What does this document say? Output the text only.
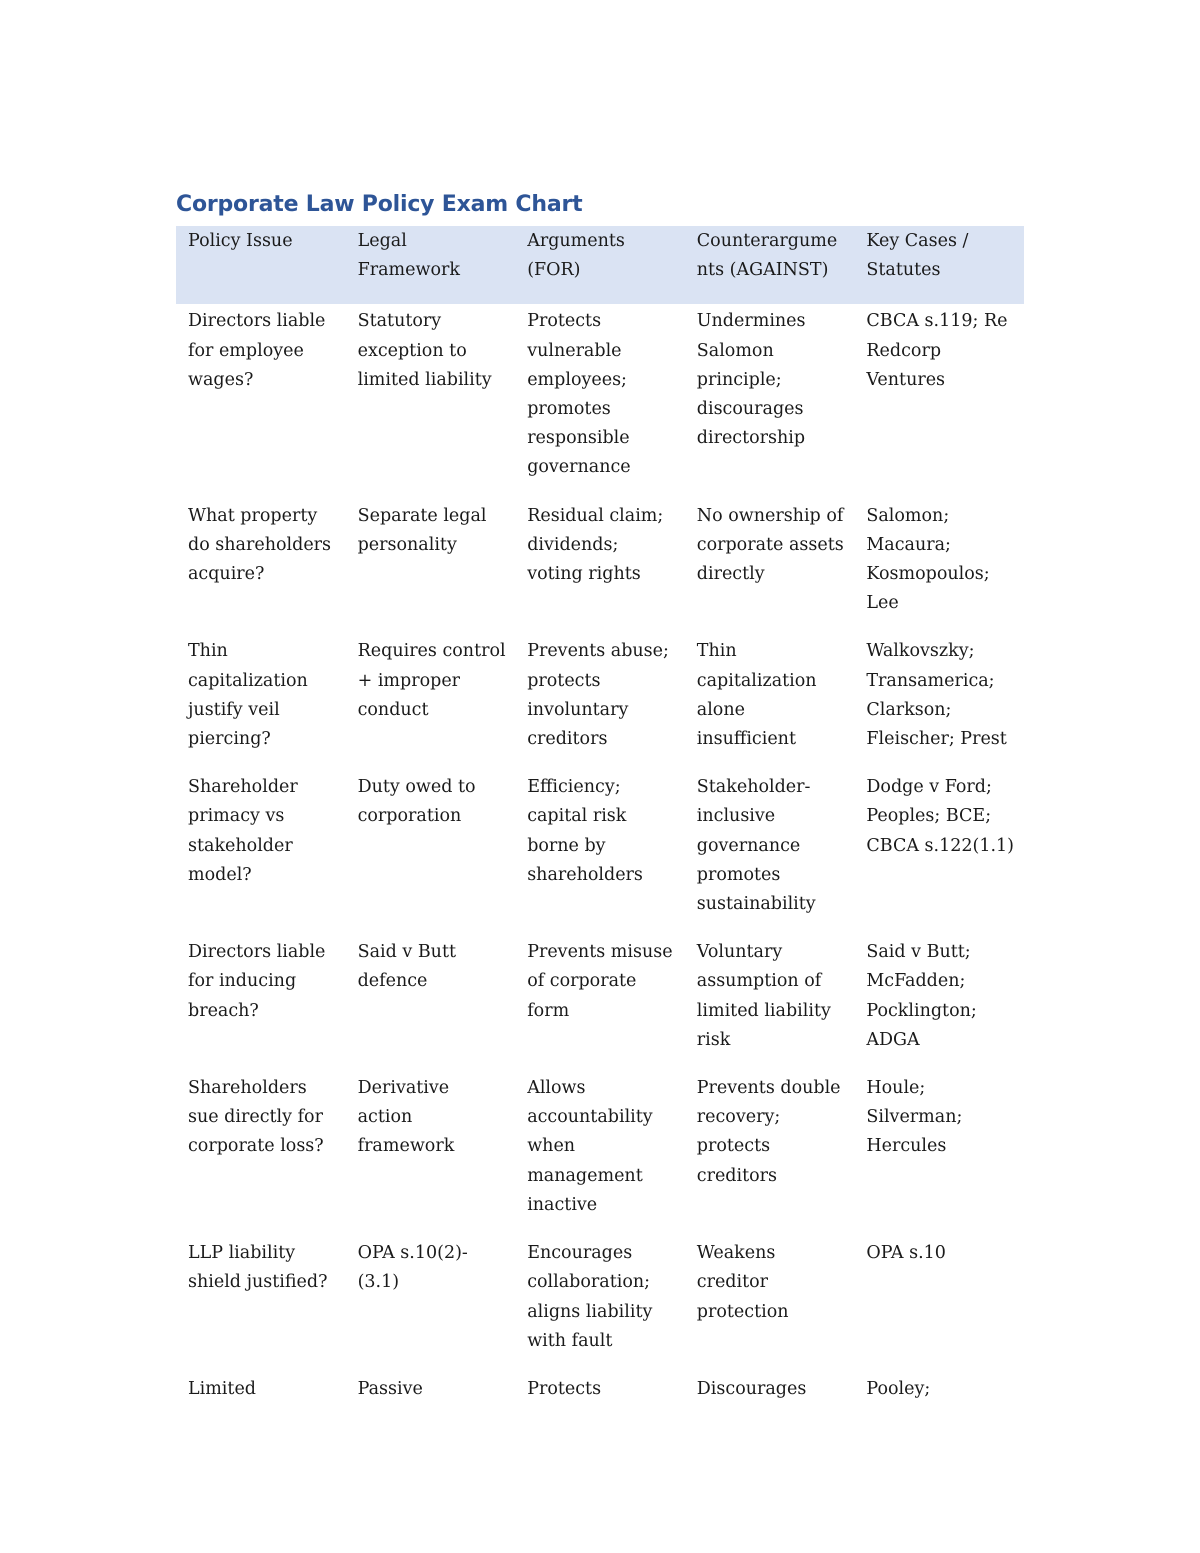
Corporate Law Policy Exam Chart
Policy Issue	Legal Framework	Arguments (FOR)	Counterarguments (AGAINST)	Key Cases / Statutes
Directors liable for employee wages?	Statutory exception to limited liability	Protects vulnerable employees; promotes responsible governance	Undermines Salomon principle; discourages directorship	CBCA s.119; Re Redcorp Ventures
What property do shareholders acquire?	Separate legal personality	Residual claim; dividends; voting rights	No ownership of corporate assets directly	Salomon; Macaura; Kosmopoulos; Lee
Thin capitalization justify veil piercing?	Requires control + improper conduct	Prevents abuse; protects involuntary creditors	Thin capitalization alone insufficient	Walkovszky; Transamerica; Clarkson; Fleischer; Prest
Shareholder primacy vs stakeholder model?	Duty owed to corporation	Efficiency; capital risk borne by shareholders	Stakeholder-inclusive governance promotes sustainability	Dodge v Ford; Peoples; BCE; CBCA s.122(1.1)
Directors liable for inducing breach?	Said v Butt defence	Prevents misuse of corporate form	Voluntary assumption of limited liability risk	Said v Butt; McFadden; Pocklington; ADGA
Shareholders sue directly for corporate loss?	Derivative action framework	Allows accountability when management inactive	Prevents double recovery; protects creditors	Houle; Silverman; Hercules
LLP liability shield justified?	OPA s.10(2)-(3.1)	Encourages collaboration; aligns liability with fault	Weakens creditor protection	OPA s.10
Limited	Passive	Protects	Discourages	Pooley;
